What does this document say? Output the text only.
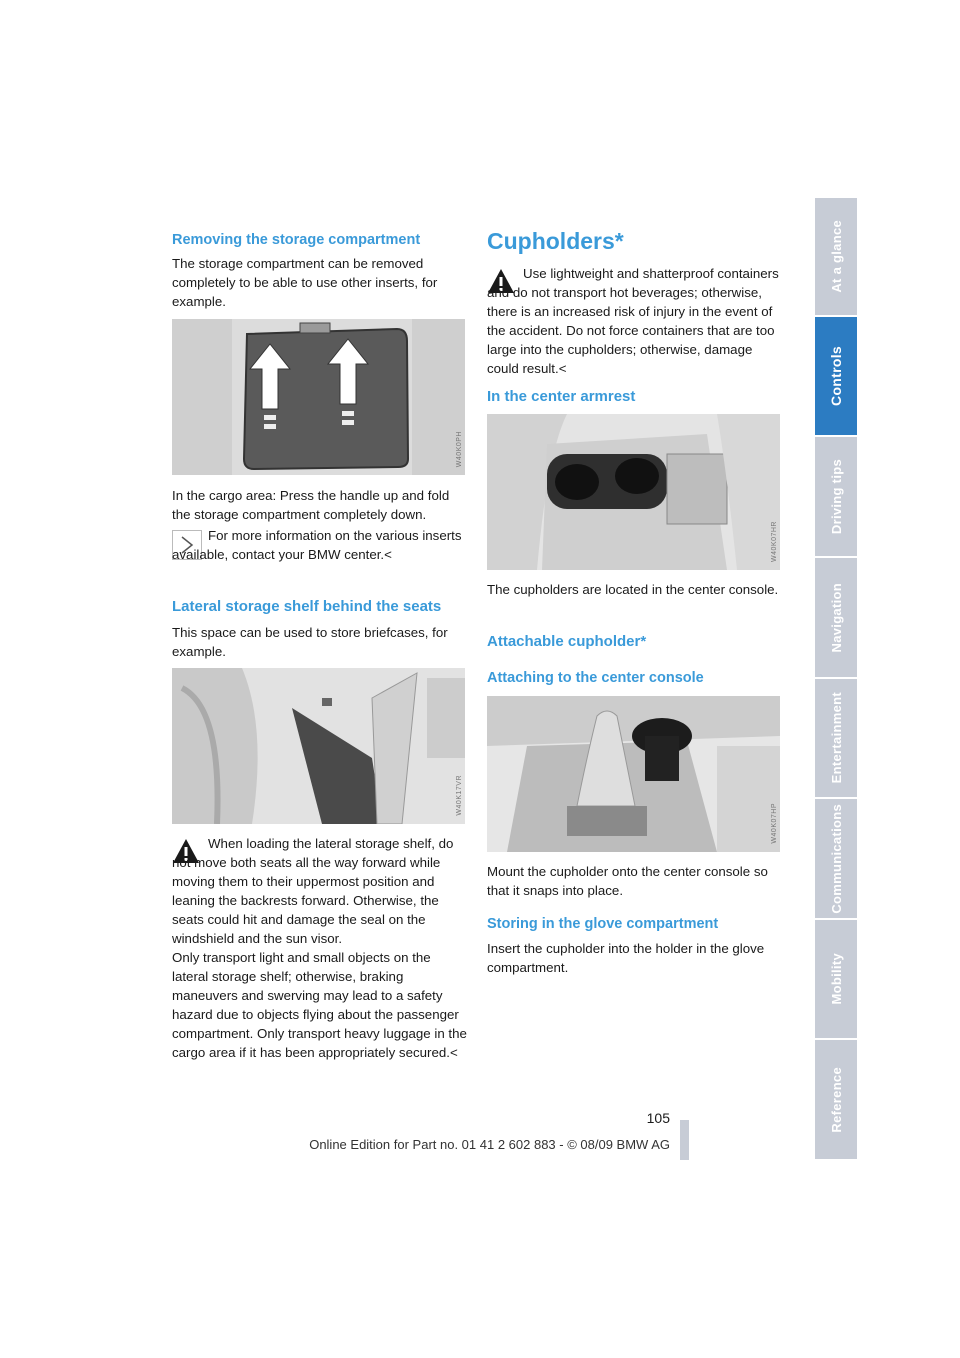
Removing the storage compartment

The storage compartment can be removed completely to be able to use other inserts, for example.

W40K0PH

In the cargo area: Press the handle up and fold the storage compartment completely down.

For more information on the various inserts available, contact your BMW center.<

Lateral storage shelf behind the seats

This space can be used to store briefcases, for example.

W40K17VR

When loading the lateral storage shelf, do not move both seats all the way forward while moving them to their uppermost position and leaning the backrests forward. Otherwise, the seats could hit and damage the seal on the windshield and the sun visor.

Only transport light and small objects on the lateral storage shelf; otherwise, braking maneuvers and swerving may lead to a safety hazard due to objects flying about the passenger compartment. Only transport heavy luggage in the cargo area if it has been appropriately secured.<

Cupholders*

Use lightweight and shatterproof containers and do not transport hot beverages; otherwise, there is an increased risk of injury in the event of the accident. Do not force containers that are too large into the cupholders; otherwise, damage could result.<

In the center armrest
W40K07HR

The cupholders are located in the center console.

Attachable cupholder*
Attaching to the center console
W40K07HP

Mount the cupholder onto the center console so that it snaps into place.

Storing in the glove compartment

Insert the cupholder into the holder in the glove compartment.

At a glance
Controls
Driving tips
Navigation
Entertainment
Communications
Mobility
Reference
105
Online Edition for Part no. 01 41 2 602 883 - © 08/09 BMW AG
